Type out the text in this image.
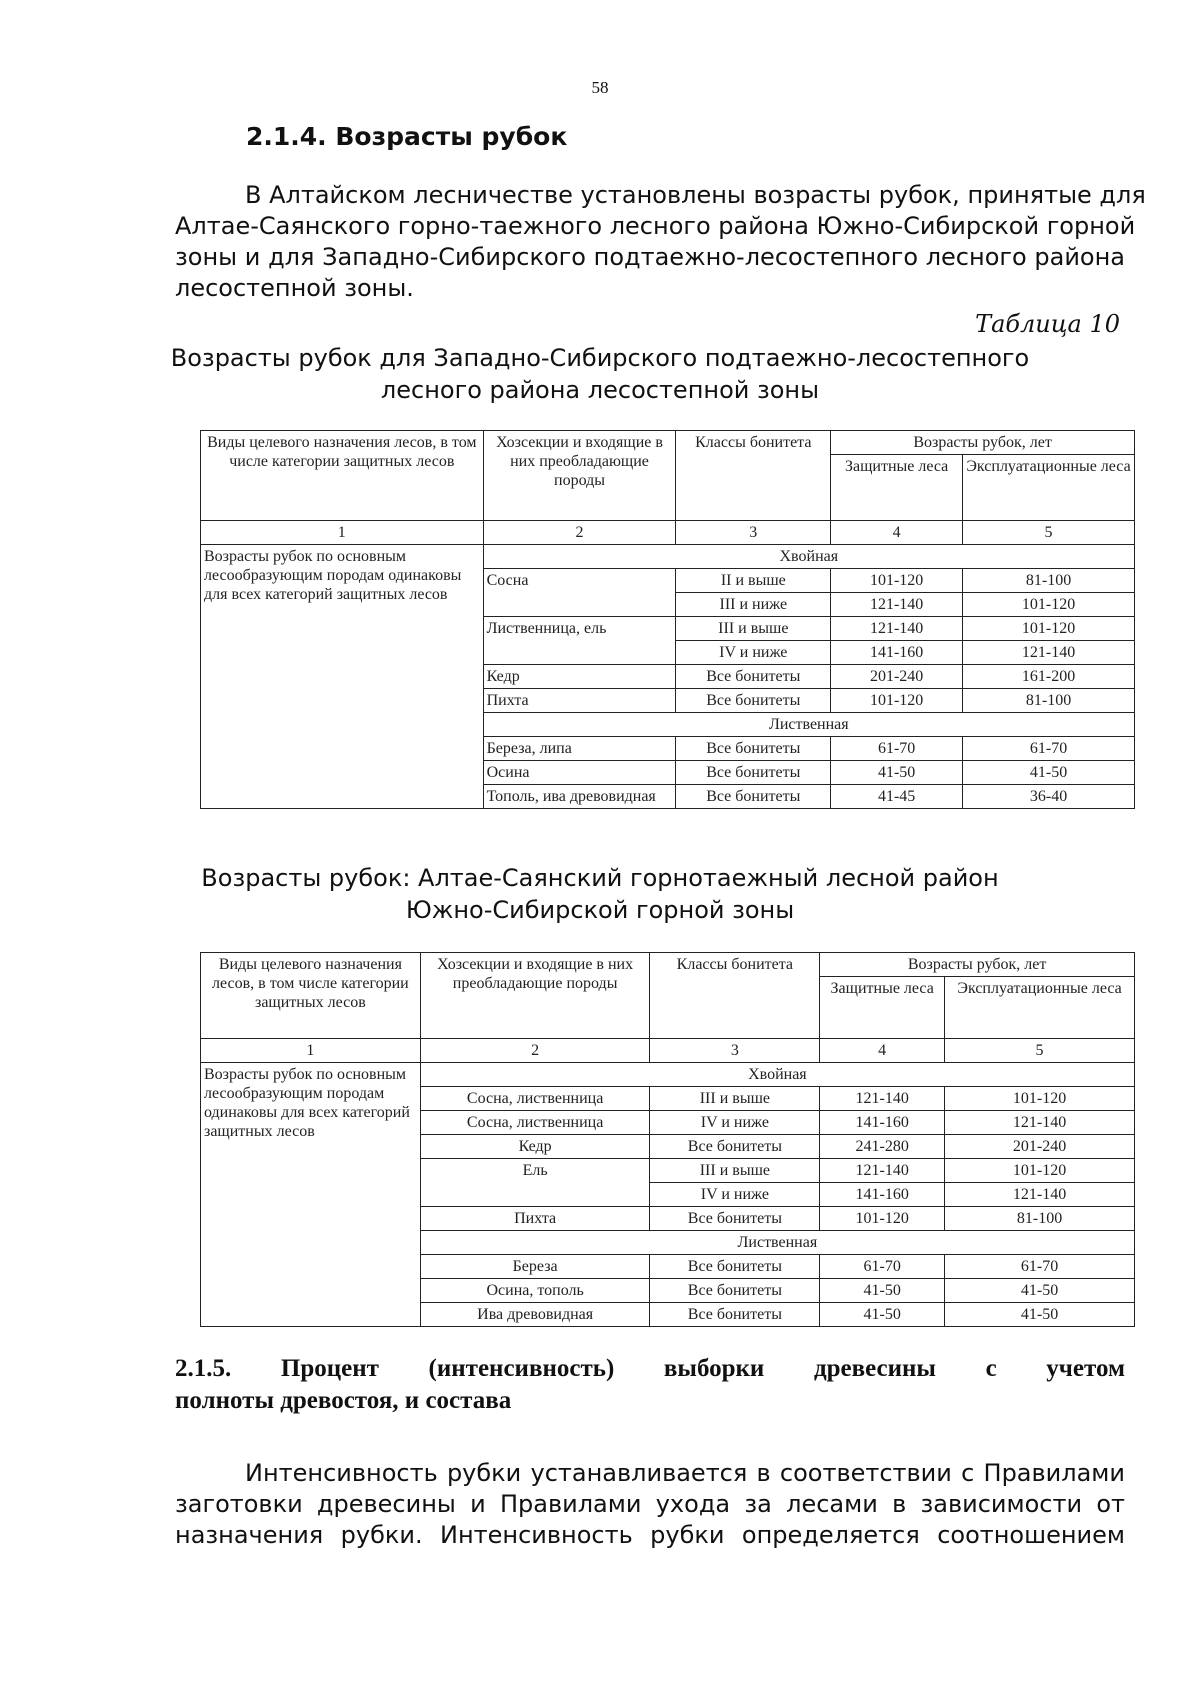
58
2.1.4. Возрасты рубок
В Алтайском лесничестве установлены возрасты рубок, принятые для
Алтае-Саянского горно-таежного лесного района Южно-Сибирской горной
зоны и для Западно-Сибирского подтаежно-лесостепного лесного района
лесостепной зоны.
Таблица 10
Возрасты рубок для Западно-Сибирского подтаежно-лесостепного
лесного района лесостепной зоны
Виды целевого назначения лесов, в том числе категории защитных лесов	Хозсекции и входящие в них преобладающие породы	Классы бонитета	Возрасты рубок, лет	
			Защитные леса	Эксплуатационные леса
1	2	3	4	5
Возрасты рубок по основным лесообразующим породам одинаковы для всех категорий защитных лесов	Хвойная			
	Сосна	II и выше	101-120	81-100
		III и ниже	121-140	101-120
	Лиственница, ель	III и выше	121-140	101-120
		IV и ниже	141-160	121-140
	Кедр	Все бонитеты	201-240	161-200
	Пихта	Все бонитеты	101-120	81-100
	Лиственная			
	Береза, липа	Все бонитеты	61-70	61-70
	Осина	Все бонитеты	41-50	41-50
	Тополь, ива древовидная	Все бонитеты	41-45	36-40
Возрасты рубок: Алтае-Саянский горнотаежный лесной район
Южно-Сибирской горной зоны
Виды целевого назначения лесов, в том числе категории защитных лесов	Хозсекции и входящие в них преобладающие породы	Классы бонитета	Возрасты рубок, лет	
			Защитные леса	Эксплуатационные леса
1	2	3	4	5
Возрасты рубок по основным лесообразующим породам одинаковы для всех категорий защитных лесов	Хвойная			
	Сосна, лиственница	III и выше	121-140	101-120
	Сосна, лиственница	IV и ниже	141-160	121-140
	Кедр	Все бонитеты	241-280	201-240
	Ель	III и выше	121-140	101-120
		IV и ниже	141-160	121-140
	Пихта	Все бонитеты	101-120	81-100
	Лиственная			
	Береза	Все бонитеты	61-70	61-70
	Осина, тополь	Все бонитеты	41-50	41-50
	Ива древовидная	Все бонитеты	41-50	41-50
2.1.5. Процент (интенсивность) выборки древесины с учетом
полноты древостоя, и состава
Интенсивность рубки устанавливается в соответствии с Правилами
заготовки древесины и Правилами ухода за лесами в зависимости от
назначения рубки. Интенсивность рубки определяется соотношением
